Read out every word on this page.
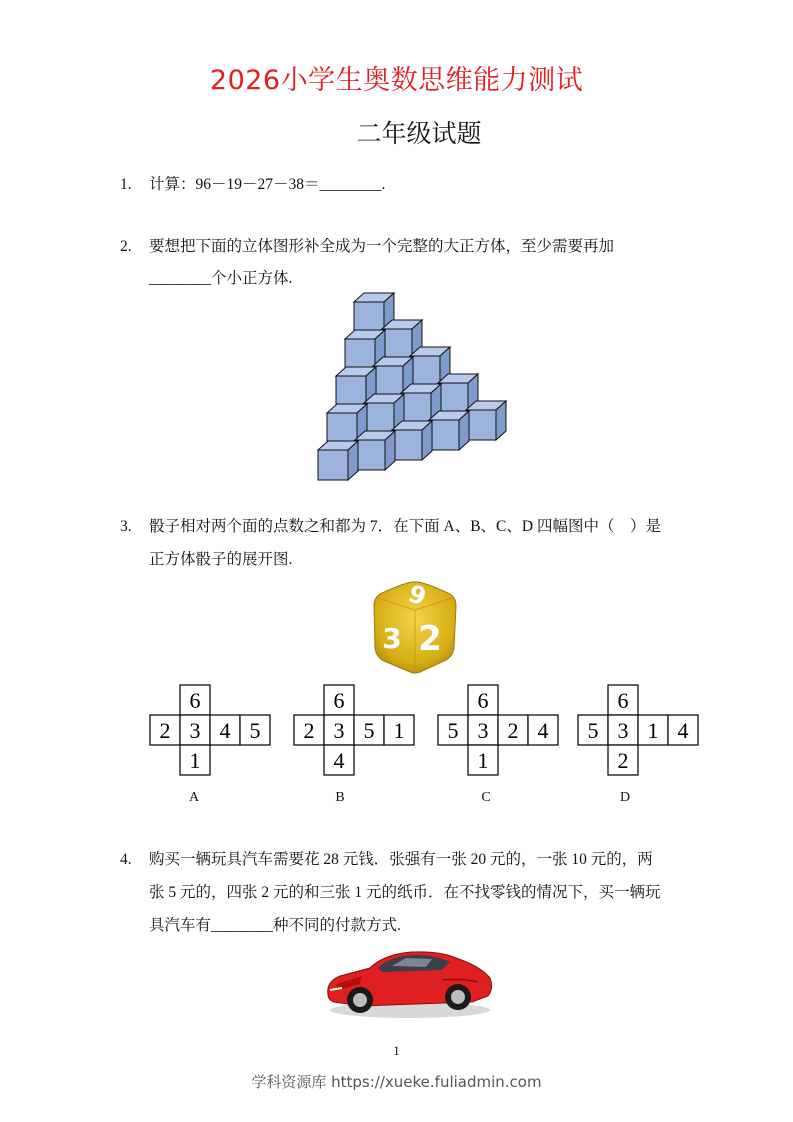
2026小学生奥数思维能力测试
二年级试题
1. 计算：96－19－27－38＝________.
2. 要想把下面的立体图形补全成为一个完整的大正方体，至少需要再加
________个小正方体.
3. 骰子相对两个面的点数之和都为 7．在下面 A、B、C、D 四幅图中（　）是
正方体骰子的展开图.
6
3 2
6
2 3 4 5
1
6
2 3 5 1
4
6
5 3 2 4
1
6
5 3 1 4
2
A	B	C	D
4. 购买一辆玩具汽车需要花 28 元钱．张强有一张 20 元的，一张 10 元的，两
张 5 元的，四张 2 元的和三张 1 元的纸币．在不找零钱的情况下，买一辆玩
具汽车有________种不同的付款方式.
1
学科资源库 https://xueke.fuliadmin.com
